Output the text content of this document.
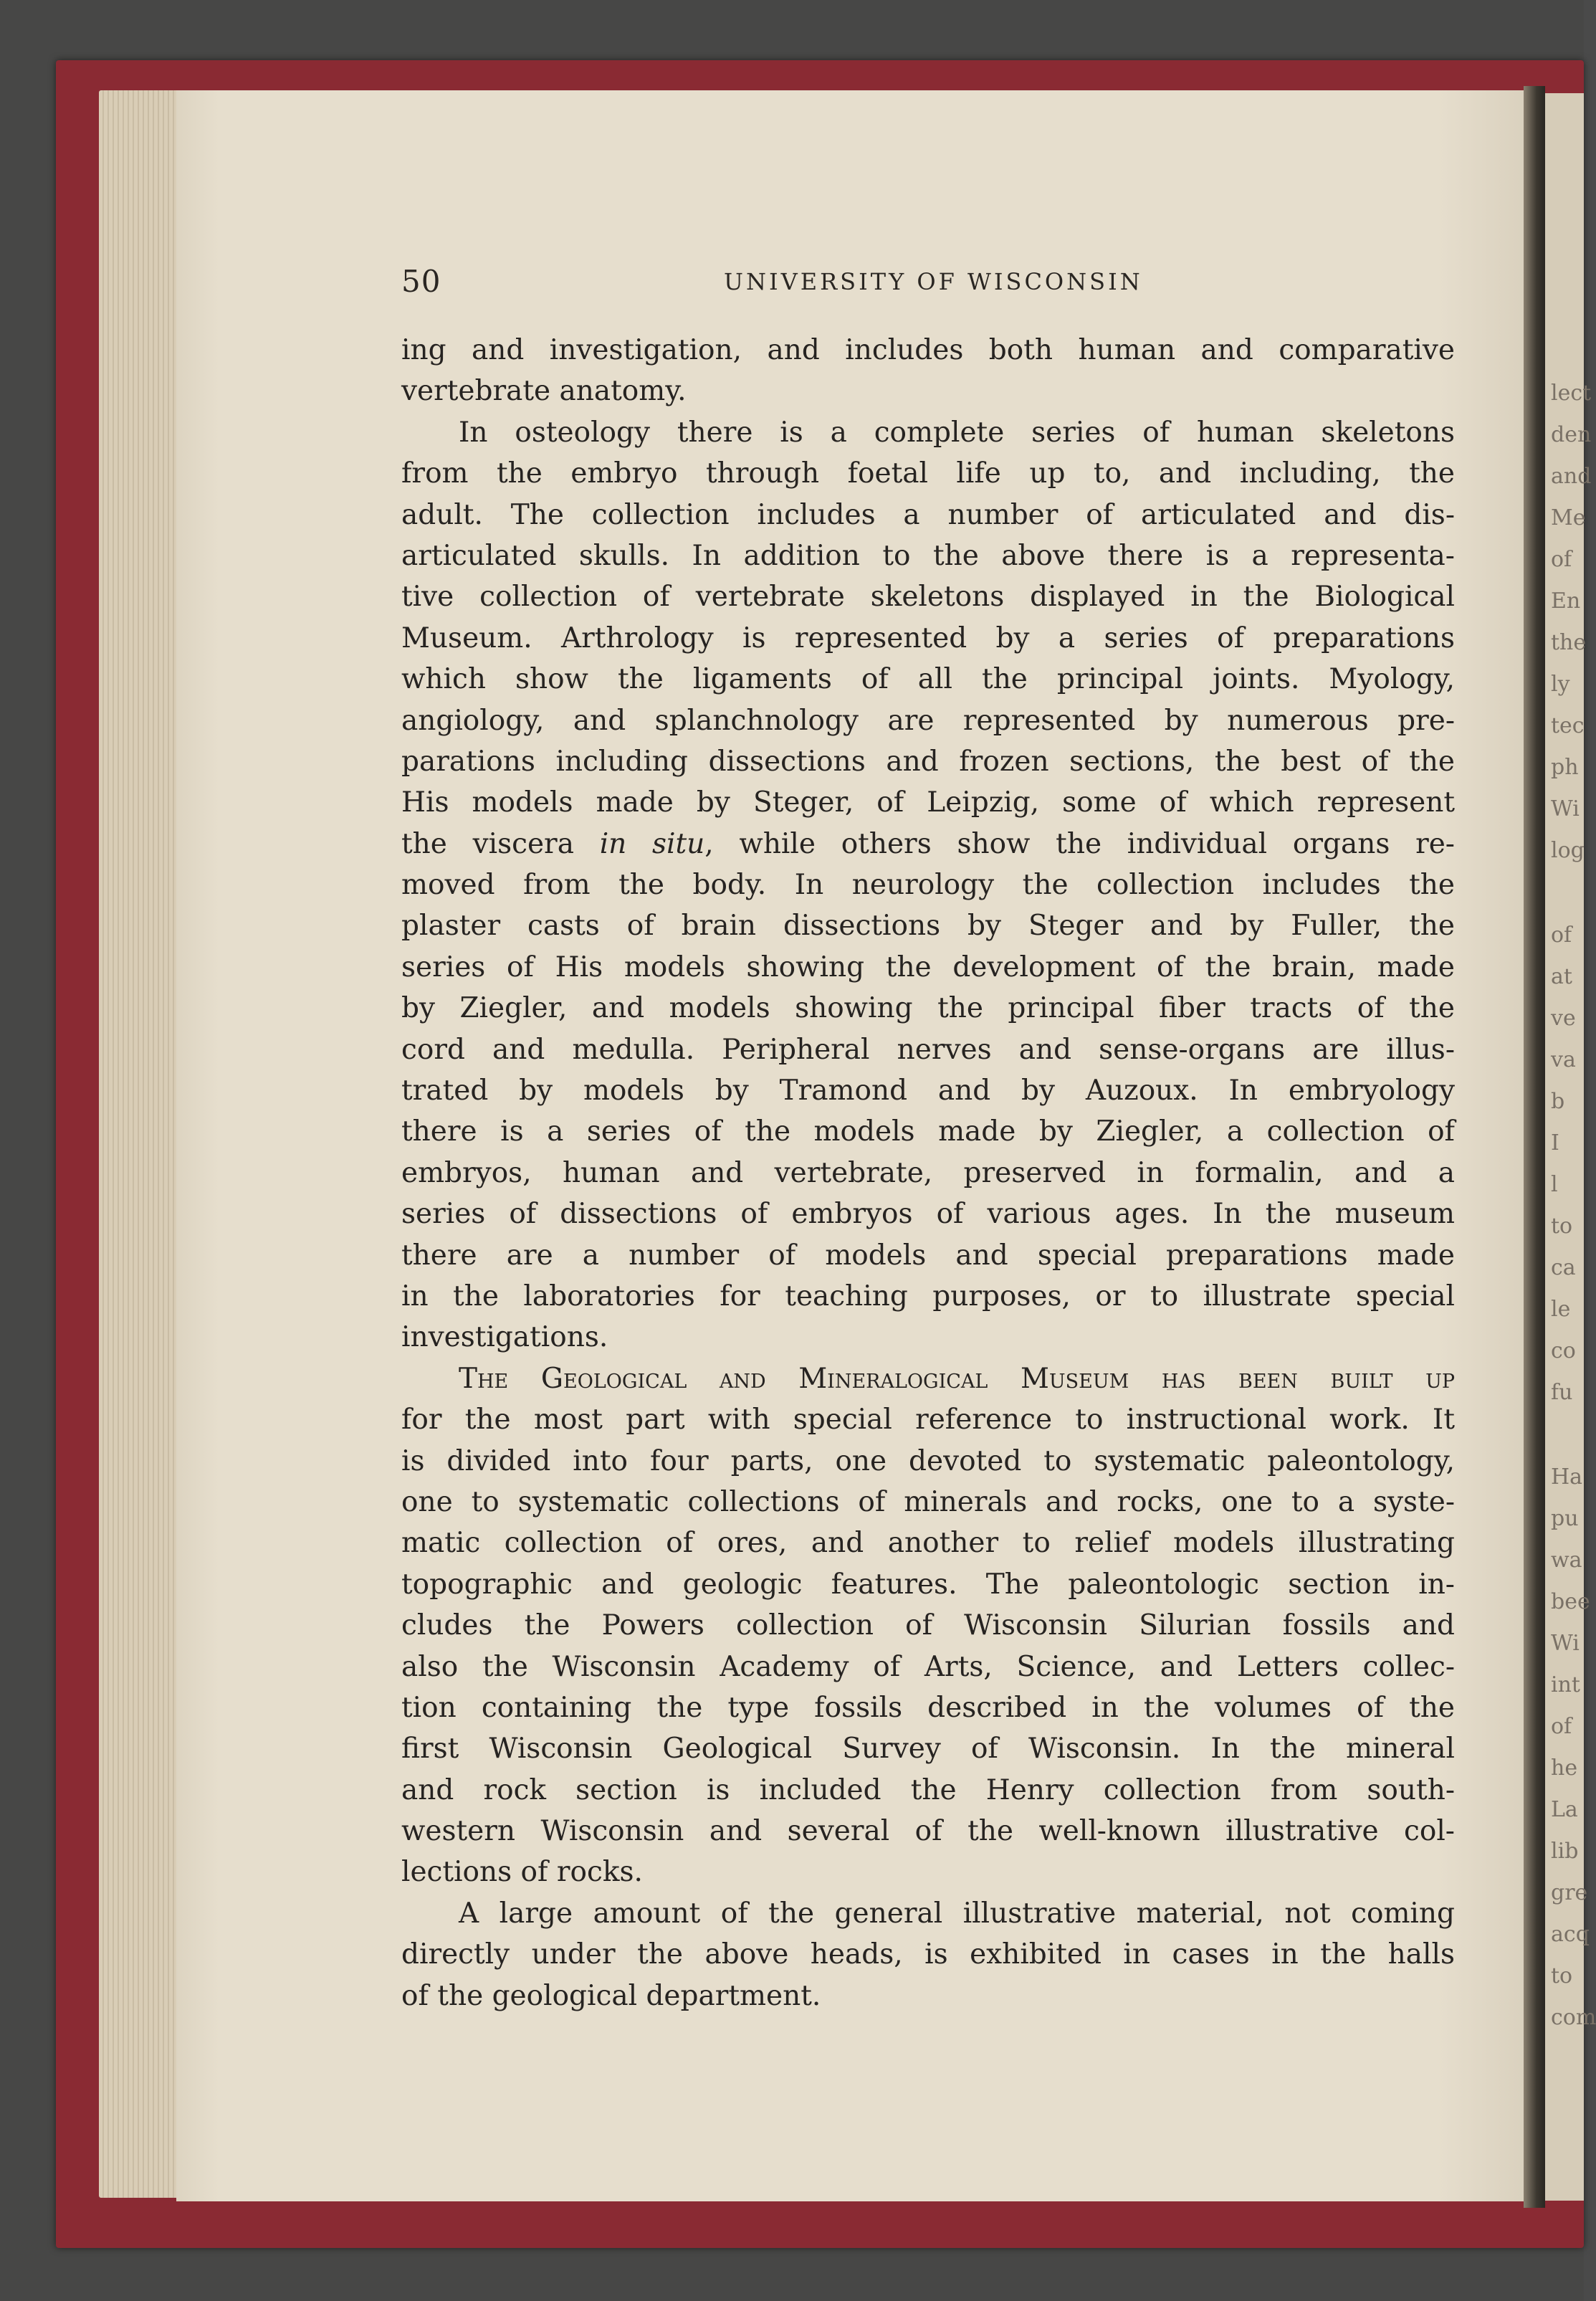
lect
den
and
Me
of
En
the
ly
tec
ph
Wi
log
of
at
ve
va
b
I
l
to
ca
le
co
fu
Ha
pu
wa
bee
Wi
int
of
he
La
lib
gre
acq
to
com
50	UNIVERSITY OF WISCONSIN
ing and investigation, and includes both human and comparative
vertebrate anatomy.
In osteology there is a complete series of human skeletons
from the embryo through foetal life up to, and including, the
adult. The collection includes a number of articulated and dis-
articulated skulls. In addition to the above there is a representa-
tive collection of vertebrate skeletons displayed in the Biological
Museum. Arthrology is represented by a series of preparations
which show the ligaments of all the principal joints. Myology,
angiology, and splanchnology are represented by numerous pre-
parations including dissections and frozen sections, the best of the
His models made by Steger, of Leipzig, some of which represent
the viscera in situ, while others show the individual organs re-
moved from the body. In neurology the collection includes the
plaster casts of brain dissections by Steger and by Fuller, the
series of His models showing the development of the brain, made
by Ziegler, and models showing the principal fiber tracts of the
cord and medulla. Peripheral nerves and sense-organs are illus-
trated by models by Tramond and by Auzoux. In embryology
there is a series of the models made by Ziegler, a collection of
embryos, human and vertebrate, preserved in formalin, and a
series of dissections of embryos of various ages. In the museum
there are a number of models and special preparations made
in the laboratories for teaching purposes, or to illustrate special
investigations.
The Geological and Mineralogical Museum has been built up
for the most part with special reference to instructional work. It
is divided into four parts, one devoted to systematic paleontology,
one to systematic collections of minerals and rocks, one to a syste-
matic collection of ores, and another to relief models illustrating
topographic and geologic features. The paleontologic section in-
cludes the Powers collection of Wisconsin Silurian fossils and
also the Wisconsin Academy of Arts, Science, and Letters collec-
tion containing the type fossils described in the volumes of the
first Wisconsin Geological Survey of Wisconsin. In the mineral
and rock section is included the Henry collection from south-
western Wisconsin and several of the well-known illustrative col-
lections of rocks.
A large amount of the general illustrative material, not coming
directly under the above heads, is exhibited in cases in the halls
of the geological department.
